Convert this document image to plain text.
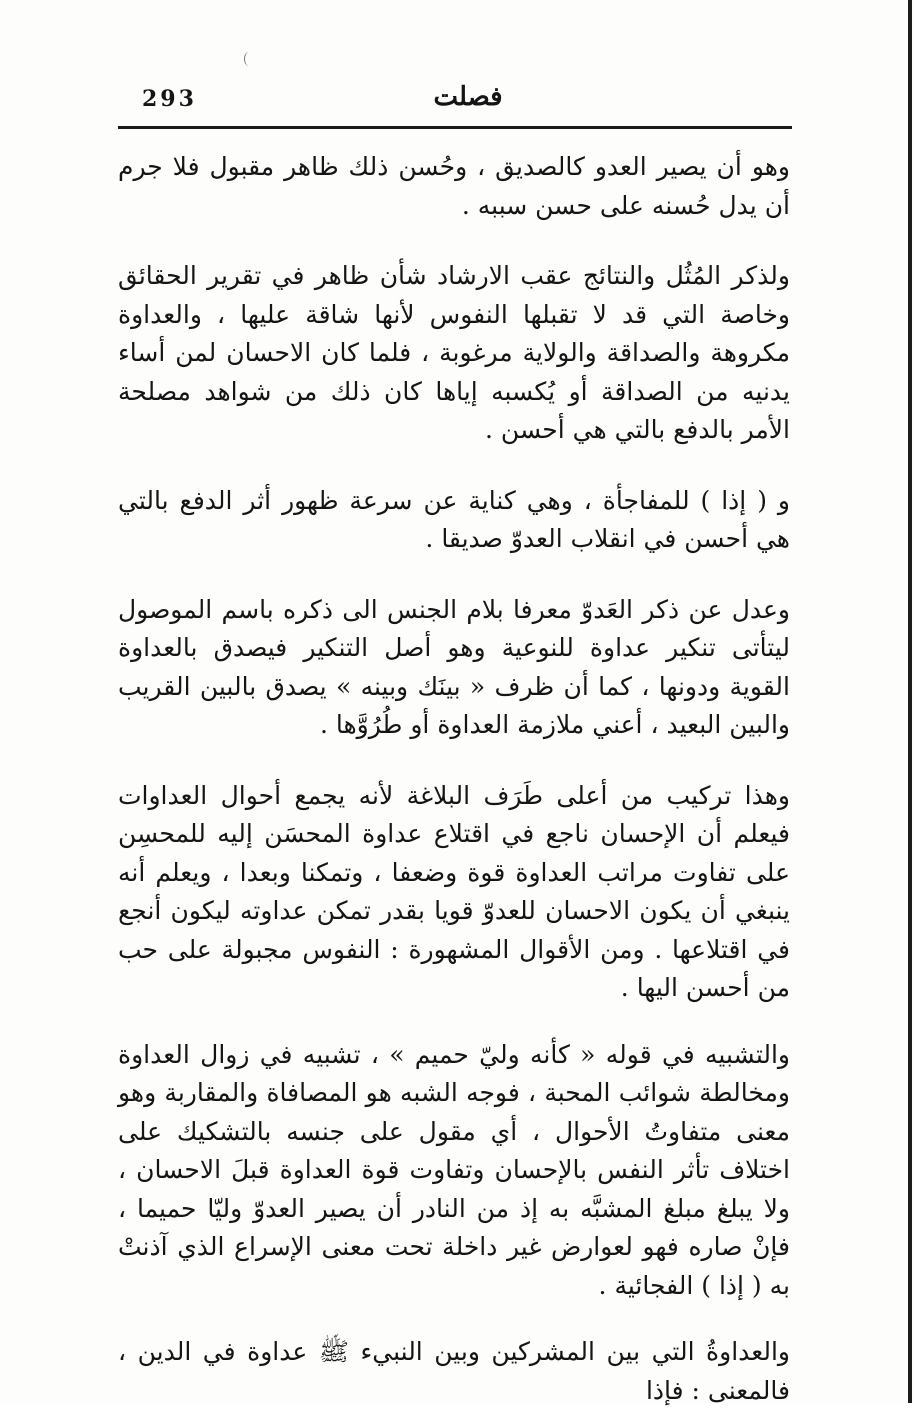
293	فصلت

وهو أن يصير العدو كالصديق ، وحُسن ذلك ظاهر مقبول فلا جرم أن يدل حُسنه على حسن سببه .

ولذكر المُثُل والنتائج عقب الارشاد شأن ظاهر في تقرير الحقائق وخاصة التي قد لا تقبلها النفوس لأنها شاقة عليها ، والعداوة مكروهة والصداقة والولاية مرغوبة ، فلما كان الاحسان لمن أساء يدنيه من الصداقة أو يُكسبه إياها كان ذلك من شواهد مصلحة الأمر بالدفع بالتي هي أحسن .

و ( إذا ) للمفاجأة ، وهي كناية عن سرعة ظهور أثر الدفع بالتي هي أحسن في انقلاب العدوّ صديقا .

وعدل عن ذكر العَدوّ معرفا بلام الجنس الى ذكره باسم الموصول ليتأتى تنكير عداوة للنوعية وهو أصل التنكير فيصدق بالعداوة القوية ودونها ، كما أن ظرف « بينَك وبينه » يصدق بالبين القريب والبين البعيد ، أعني ملازمة العداوة أو طُرُوَّها .

وهذا تركيب من أعلى طَرَف البلاغة لأنه يجمع أحوال العداوات فيعلم أن الإحسان ناجع في اقتلاع عداوة المحسَن إليه للمحسِن على تفاوت مراتب العداوة قوة وضعفا ، وتمكنا وبعدا ، ويعلم أنه ينبغي أن يكون الاحسان للعدوّ قويا بقدر تمكن عداوته ليكون أنجع في اقتلاعها . ومن الأقوال المشهورة : النفوس مجبولة على حب من أحسن اليها .

والتشبيه في قوله « كأنه وليّ حميم » ، تشبيه في زوال العداوة ومخالطة شوائب المحبة ، فوجه الشبه هو المصافاة والمقاربة وهو معنى متفاوتُ الأحوال ، أي مقول على جنسه بالتشكيك على اختلاف تأثر النفس بالإحسان وتفاوت قوة العداوة قبلَ الاحسان ، ولا يبلغ مبلغ المشبَّه به إذ من النادر أن يصير العدوّ وليّا حميما ، فإنْ صاره فهو لعوارض غير داخلة تحت معنى الإسراع الذي آذنتْ به ( إذا ) الفجائية .

والعداوةُ التي بين المشركين وبين النبيء ﷺ عداوة في الدين ، فالمعنى : فإذا
